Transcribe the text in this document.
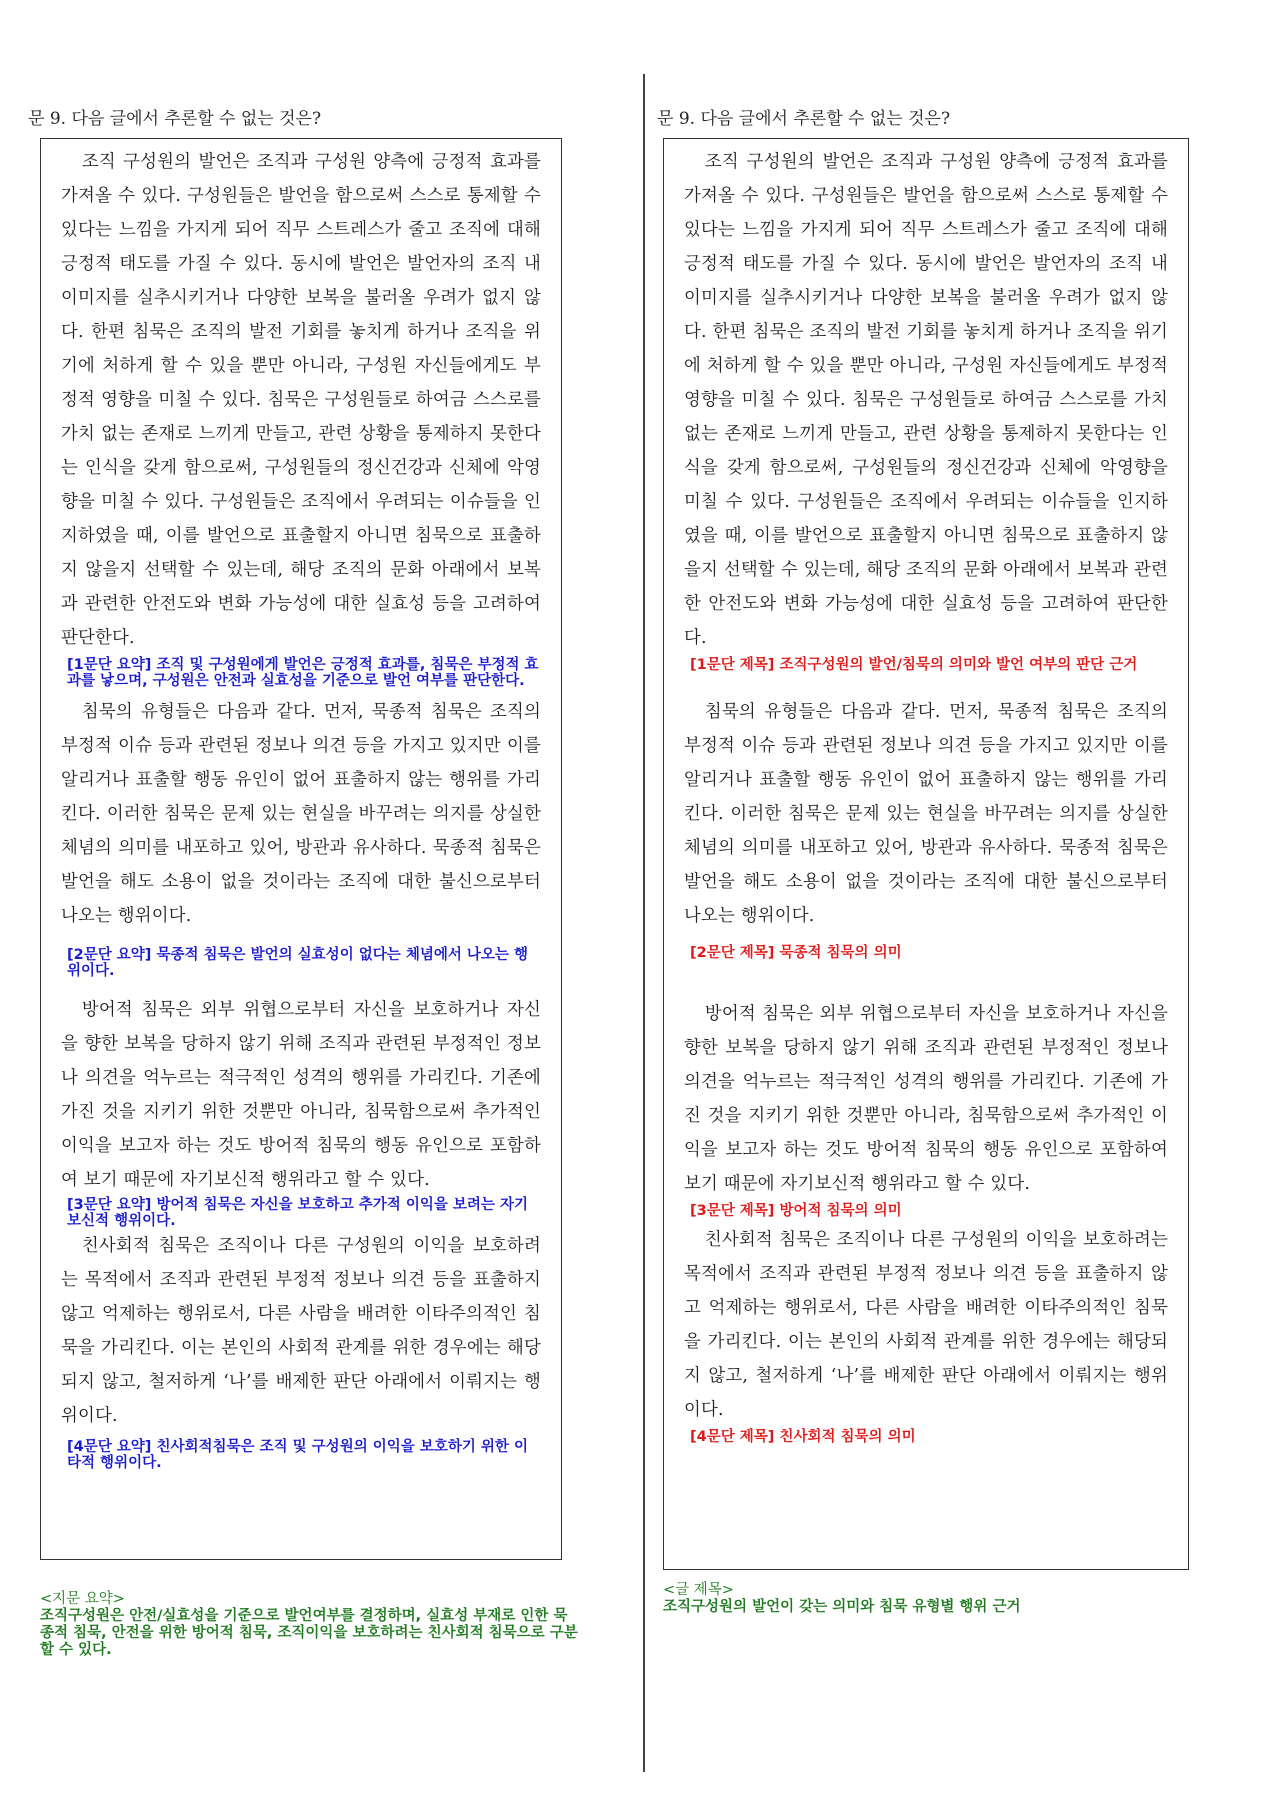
문 9. 다음 글에서 추론할 수 없는 것은?

조직 구성원의 발언은 조직과 구성원 양측에 긍정적 효과를 가져올 수 있다. 구성원들은 발언을 함으로써 스스로 통제할 수 있다는 느낌을 가지게 되어 직무 스트레스가 줄고 조직에 대해 긍정적 태도를 가질 수 있다. 동시에 발언은 발언자의 조직 내 이미지를 실추시키거나 다양한 보복을 불러올 우려가 없지 않다. 한편 침묵은 조직의 발전 기회를 놓치게 하거나 조직을 위기에 처하게 할 수 있을 뿐만 아니라, 구성원 자신들에게도 부정적 영향을 미칠 수 있다. 침묵은 구성원들로 하여금 스스로를 가치 없는 존재로 느끼게 만들고, 관련 상황을 통제하지 못한다는 인식을 갖게 함으로써, 구성원들의 정신건강과 신체에 악영향을 미칠 수 있다. 구성원들은 조직에서 우려되는 이슈들을 인지하였을 때, 이를 발언으로 표출할지 아니면 침묵으로 표출하지 않을지 선택할 수 있는데, 해당 조직의 문화 아래에서 보복과 관련한 안전도와 변화 가능성에 대한 실효성 등을 고려하여 판단한다.

[1문단 요약] 조직 및 구성원에게 발언은 긍정적 효과를, 침묵은 부정적 효과를 낳으며, 구성원은 안전과 실효성을 기준으로 발언 여부를 판단한다.

침묵의 유형들은 다음과 같다. 먼저, 묵종적 침묵은 조직의 부정적 이슈 등과 관련된 정보나 의견 등을 가지고 있지만 이를 알리거나 표출할 행동 유인이 없어 표출하지 않는 행위를 가리킨다. 이러한 침묵은 문제 있는 현실을 바꾸려는 의지를 상실한 체념의 의미를 내포하고 있어, 방관과 유사하다. 묵종적 침묵은 발언을 해도 소용이 없을 것이라는 조직에 대한 불신으로부터 나오는 행위이다.

[2문단 요약] 묵종적 침묵은 발언의 실효성이 없다는 체념에서 나오는 행위이다.

방어적 침묵은 외부 위협으로부터 자신을 보호하거나 자신을 향한 보복을 당하지 않기 위해 조직과 관련된 부정적인 정보나 의견을 억누르는 적극적인 성격의 행위를 가리킨다. 기존에 가진 것을 지키기 위한 것뿐만 아니라, 침묵함으로써 추가적인 이익을 보고자 하는 것도 방어적 침묵의 행동 유인으로 포함하여 보기 때문에 자기보신적 행위라고 할 수 있다.

[3문단 요약] 방어적 침묵은 자신을 보호하고 추가적 이익을 보려는 자기보신적 행위이다.

친사회적 침묵은 조직이나 다른 구성원의 이익을 보호하려는 목적에서 조직과 관련된 부정적 정보나 의견 등을 표출하지 않고 억제하는 행위로서, 다른 사람을 배려한 이타주의적인 침묵을 가리킨다. 이는 본인의 사회적 관계를 위한 경우에는 해당되지 않고, 철저하게 ‘나’를 배제한 판단 아래에서 이뤄지는 행위이다.

[4문단 요약] 친사회적침묵은 조직 및 구성원의 이익을 보호하기 위한 이타적 행위이다.

<지문 요약>
조직구성원은 안전/실효성을 기준으로 발언여부를 결정하며, 실효성 부재로 인한 묵종적 침묵, 안전을 위한 방어적 침묵, 조직이익을 보호하려는 친사회적 침묵으로 구분할 수 있다.
문 9. 다음 글에서 추론할 수 없는 것은?

조직 구성원의 발언은 조직과 구성원 양측에 긍정적 효과를 가져올 수 있다. 구성원들은 발언을 함으로써 스스로 통제할 수 있다는 느낌을 가지게 되어 직무 스트레스가 줄고 조직에 대해 긍정적 태도를 가질 수 있다. 동시에 발언은 발언자의 조직 내 이미지를 실추시키거나 다양한 보복을 불러올 우려가 없지 않다. 한편 침묵은 조직의 발전 기회를 놓치게 하거나 조직을 위기에 처하게 할 수 있을 뿐만 아니라, 구성원 자신들에게도 부정적 영향을 미칠 수 있다. 침묵은 구성원들로 하여금 스스로를 가치 없는 존재로 느끼게 만들고, 관련 상황을 통제하지 못한다는 인식을 갖게 함으로써, 구성원들의 정신건강과 신체에 악영향을 미칠 수 있다. 구성원들은 조직에서 우려되는 이슈들을 인지하였을 때, 이를 발언으로 표출할지 아니면 침묵으로 표출하지 않을지 선택할 수 있는데, 해당 조직의 문화 아래에서 보복과 관련한 안전도와 변화 가능성에 대한 실효성 등을 고려하여 판단한다.

[1문단 제목] 조직구성원의 발언/침묵의 의미와 발언 여부의 판단 근거

침묵의 유형들은 다음과 같다. 먼저, 묵종적 침묵은 조직의 부정적 이슈 등과 관련된 정보나 의견 등을 가지고 있지만 이를 알리거나 표출할 행동 유인이 없어 표출하지 않는 행위를 가리킨다. 이러한 침묵은 문제 있는 현실을 바꾸려는 의지를 상실한 체념의 의미를 내포하고 있어, 방관과 유사하다. 묵종적 침묵은 발언을 해도 소용이 없을 것이라는 조직에 대한 불신으로부터 나오는 행위이다.

[2문단 제목] 묵종적 침묵의 의미

방어적 침묵은 외부 위협으로부터 자신을 보호하거나 자신을 향한 보복을 당하지 않기 위해 조직과 관련된 부정적인 정보나 의견을 억누르는 적극적인 성격의 행위를 가리킨다. 기존에 가진 것을 지키기 위한 것뿐만 아니라, 침묵함으로써 추가적인 이익을 보고자 하는 것도 방어적 침묵의 행동 유인으로 포함하여 보기 때문에 자기보신적 행위라고 할 수 있다.

[3문단 제목] 방어적 침묵의 의미

친사회적 침묵은 조직이나 다른 구성원의 이익을 보호하려는 목적에서 조직과 관련된 부정적 정보나 의견 등을 표출하지 않고 억제하는 행위로서, 다른 사람을 배려한 이타주의적인 침묵을 가리킨다. 이는 본인의 사회적 관계를 위한 경우에는 해당되지 않고, 철저하게 ‘나’를 배제한 판단 아래에서 이뤄지는 행위이다.

[4문단 제목] 친사회적 침묵의 의미

<글 제목>
조직구성원의 발언이 갖는 의미와 침묵 유형별 행위 근거
